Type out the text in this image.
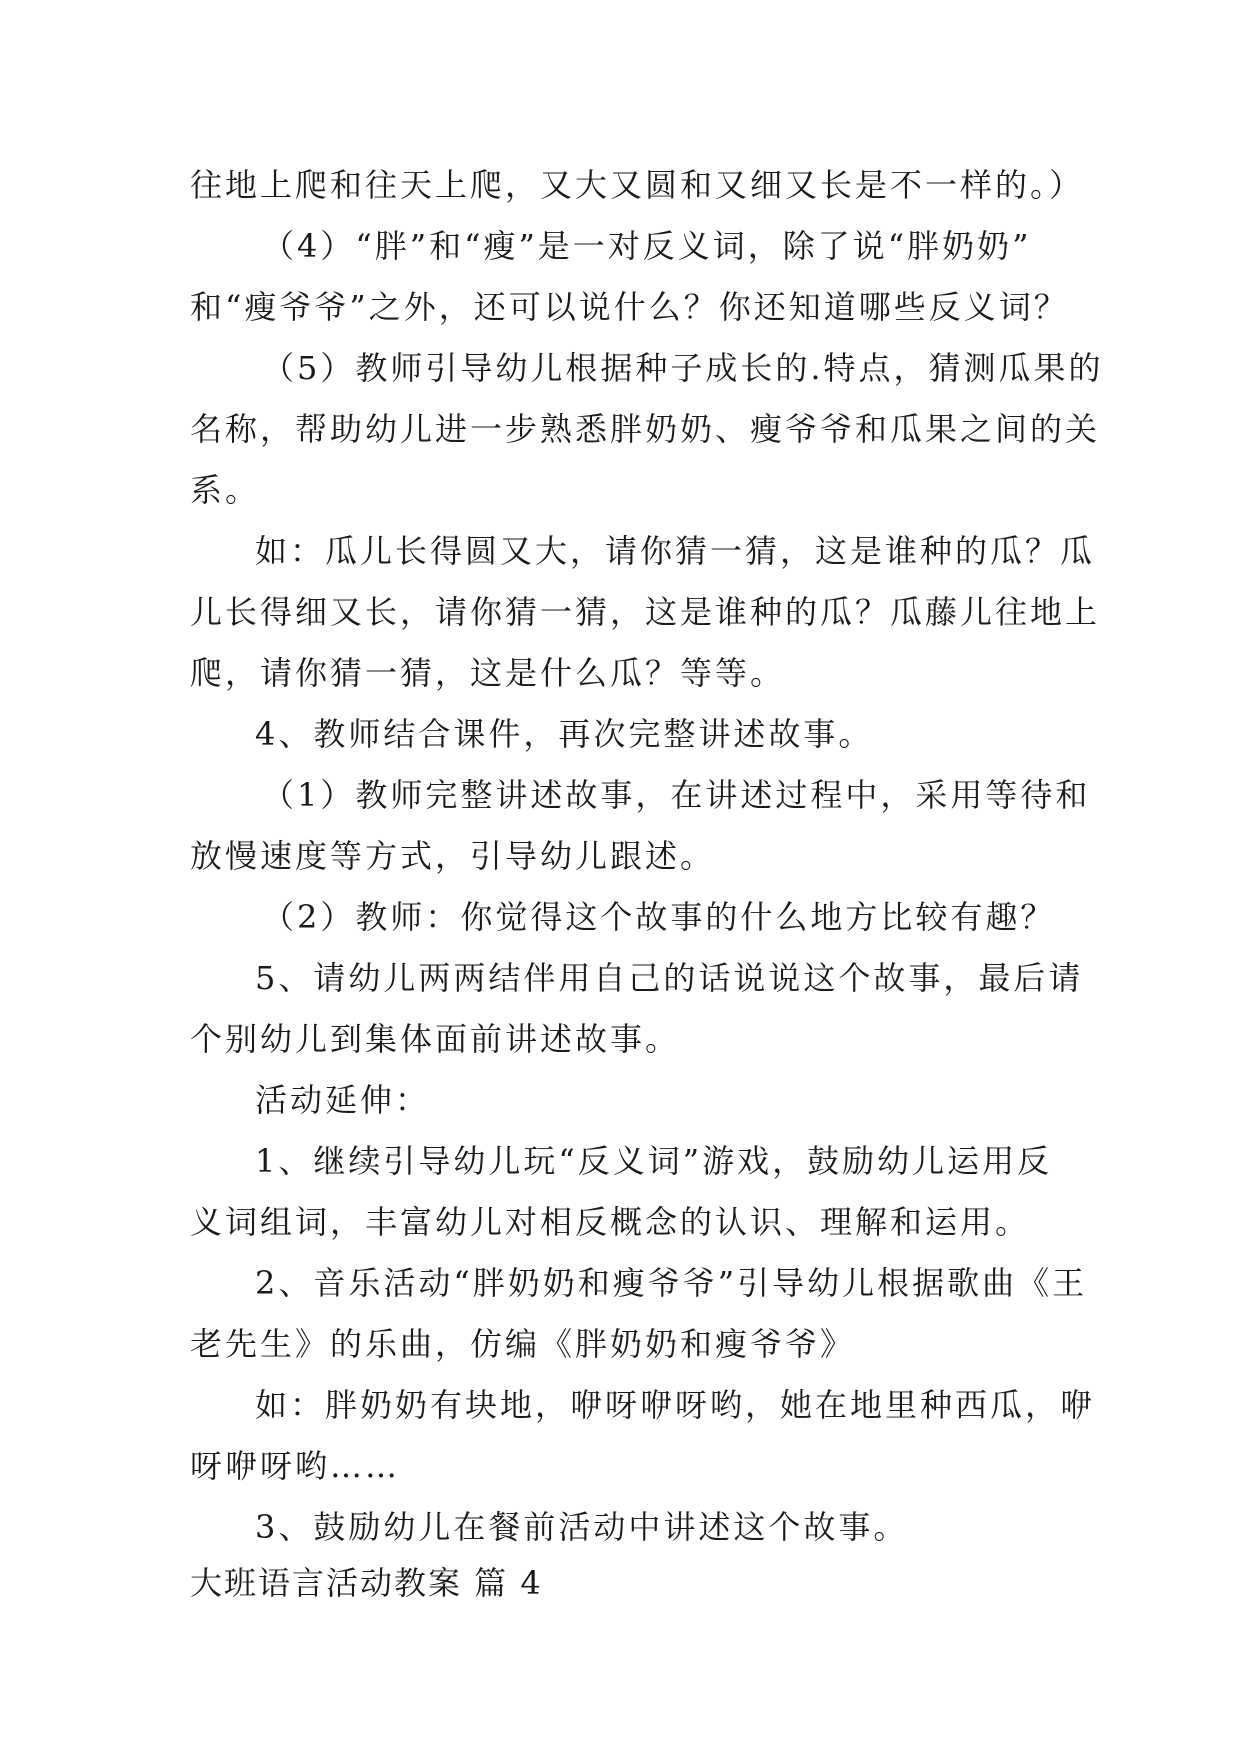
往地上爬和往天上爬，又大又圆和又细又长是不一样的。）
（4）“胖”和“瘦”是一对反义词，除了说“胖奶奶”
和“瘦爷爷”之外，还可以说什么？你还知道哪些反义词？
（5）教师引导幼儿根据种子成长的.特点，猜测瓜果的
名称，帮助幼儿进一步熟悉胖奶奶、瘦爷爷和瓜果之间的关
系。
如：瓜儿长得圆又大，请你猜一猜，这是谁种的瓜？瓜
儿长得细又长，请你猜一猜，这是谁种的瓜？瓜藤儿往地上
爬，请你猜一猜，这是什么瓜？等等。
4、教师结合课件，再次完整讲述故事。
（1）教师完整讲述故事，在讲述过程中，采用等待和
放慢速度等方式，引导幼儿跟述。
（2）教师：你觉得这个故事的什么地方比较有趣？
5、请幼儿两两结伴用自己的话说说这个故事，最后请
个别幼儿到集体面前讲述故事。
活动延伸：
1、继续引导幼儿玩“反义词”游戏，鼓励幼儿运用反
义词组词，丰富幼儿对相反概念的认识、理解和运用。
2、音乐活动“胖奶奶和瘦爷爷”引导幼儿根据歌曲《王
老先生》的乐曲，仿编《胖奶奶和瘦爷爷》
如：胖奶奶有块地，咿呀咿呀哟，她在地里种西瓜，咿
呀咿呀哟……
3、鼓励幼儿在餐前活动中讲述这个故事。
大班语言活动教案 篇 4
